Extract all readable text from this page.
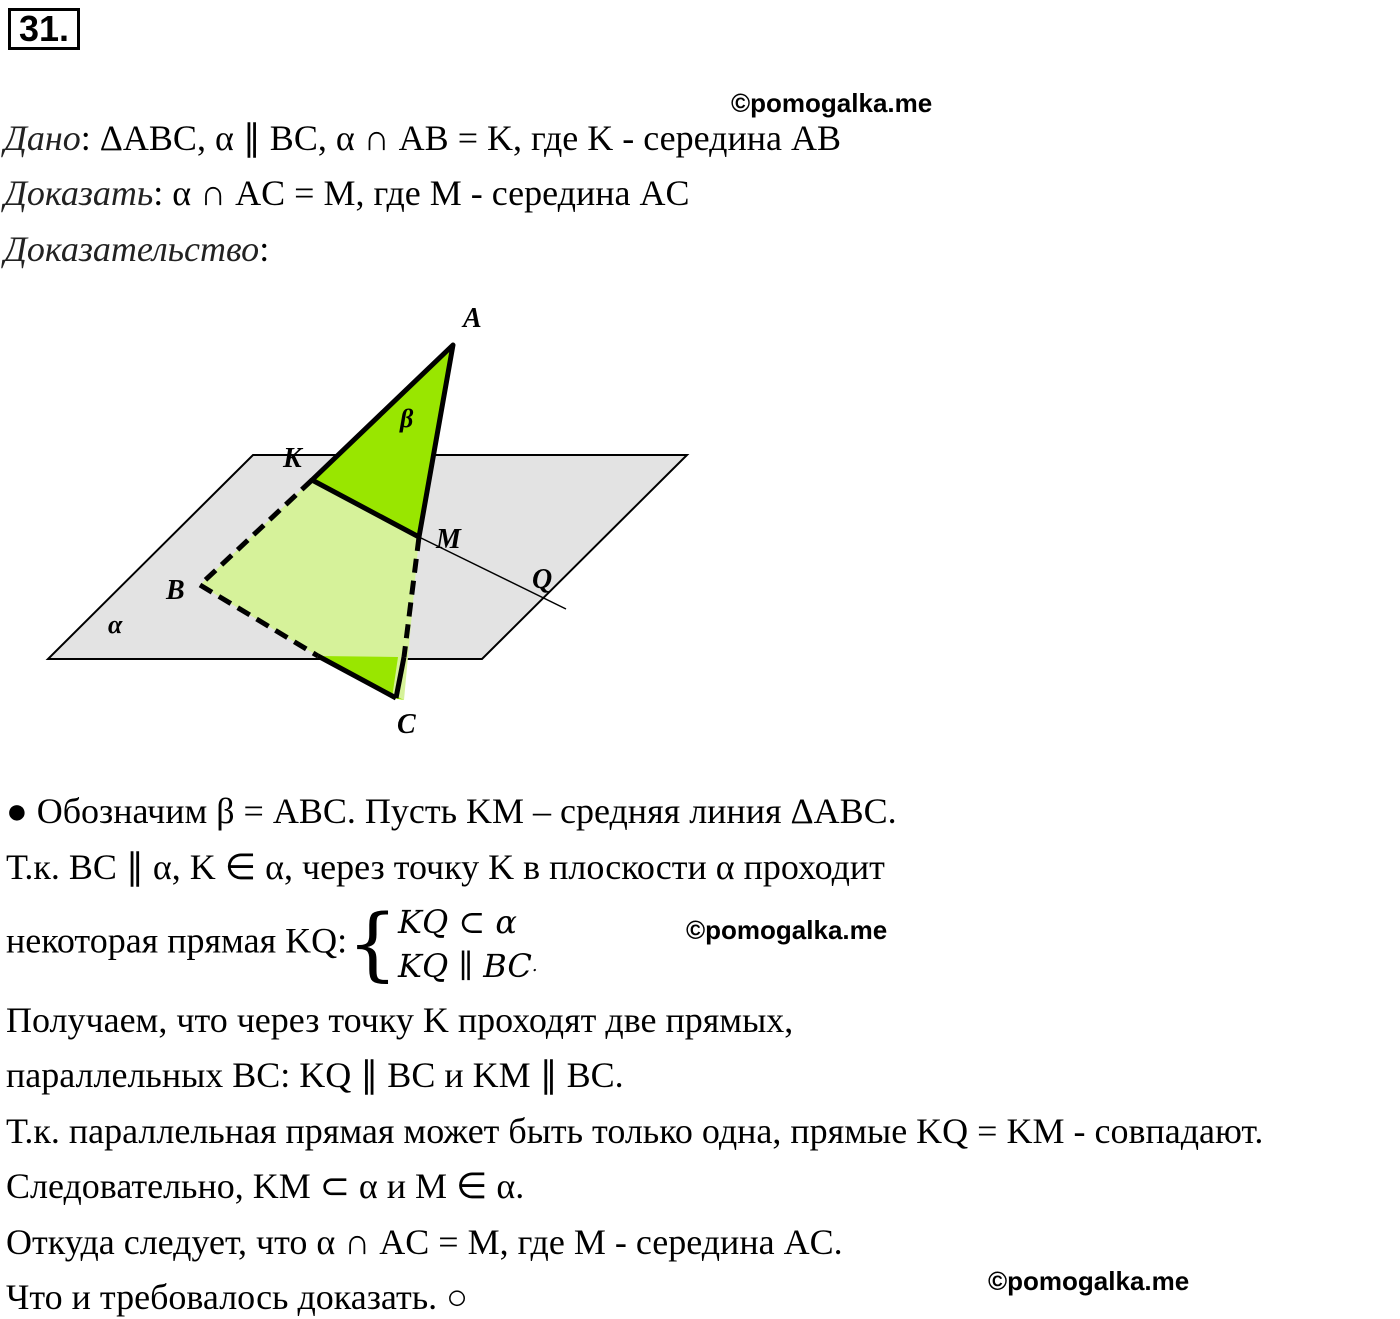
31.
©pomogalka.me
Дано: ΔABC, α ∥ BC, α ∩ AB = K, где K - середина AB
Доказать: α ∩ AC = M, где M - середина AC
Доказательство:
A
K
M
Q
B
C
β
α
● Обозначим β = ABC. Пусть KM – средняя линия ΔABC.
Т.к. BC ∥ α, K ∈ α, через точку K в плоскости α проходит
некоторая прямая KQ:{ KQ ⊂ α
KQ ∥ BC.
©pomogalka.me
Получаем, что через точку K проходят две прямых,
параллельных BC: KQ ∥ BC и KM ∥ BC.
Т.к. параллельная прямая может быть только одна, прямые KQ = KM - совпадают.
Следовательно, KM ⊂ α и M ∈ α.
Откуда следует, что α ∩ AC = M, где M - середина AC.
Что и требовалось доказать. ○	©pomogalka.me
